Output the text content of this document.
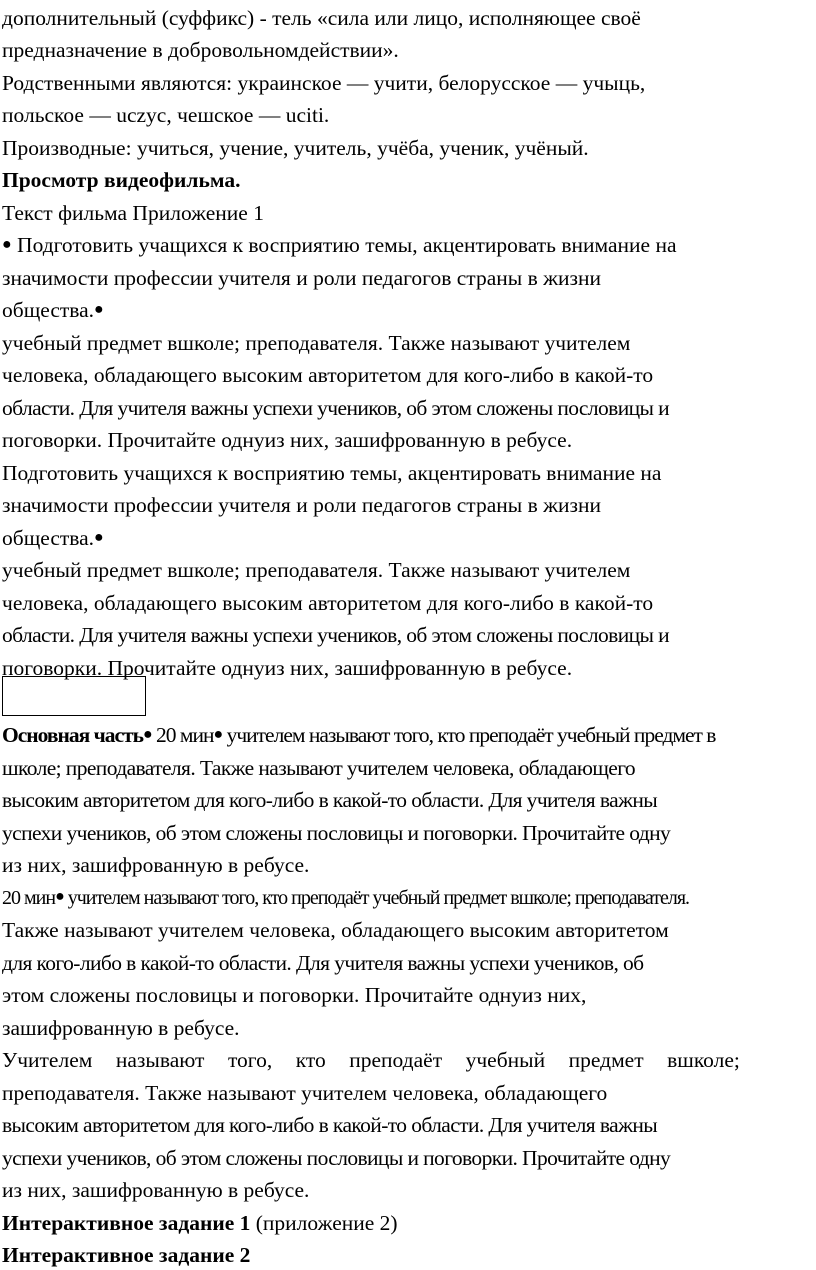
дополнительный (суффикс) - тель «сила или лицо, исполняющее своё
предназначение в добровольномдействии».
Родственными являются: украинское — учити, белорусское — учыць,
польское — uczyc, чешское — uciti.
Производные: учиться, учение, учитель, учёба, ученик, учёный.
Просмотр видеофильма.
Текст фильма Приложение 1
● Подготовить учащихся к восприятию темы, акцентировать внимание на
значимости профессии учителя и роли педагогов страны в жизни
общества.●
учебный предмет вшколе; преподавателя. Также называют учителем
человека, обладающего высоким авторитетом для кого-либо в какой-то
области. Для учителя важны успехи учеников, об этом сложены пословицы и
поговорки. Прочитайте однуиз них, зашифрованную в ребусе.
Подготовить учащихся к восприятию темы, акцентировать внимание на
значимости профессии учителя и роли педагогов страны в жизни
общества.●
учебный предмет вшколе; преподавателя. Также называют учителем
человека, обладающего высоким авторитетом для кого-либо в какой-то
области. Для учителя важны успехи учеников, об этом сложены пословицы и
поговорки. Прочитайте однуиз них, зашифрованную в ребусе.
Основная часть● 20 мин● учителем называют того, кто преподаёт учебный предмет в
школе; преподавателя. Также называют учителем человека, обладающего
высоким авторитетом для кого-либо в какой-то области. Для учителя важны
успехи учеников, об этом сложены пословицы и поговорки. Прочитайте одну
из них, зашифрованную в ребусе.
20 мин● учителем называют того, кто преподаёт учебный предмет вшколе; преподавателя.
Также называют учителем человека, обладающего высоким авторитетом
для кого-либо в какой-то области. Для учителя важны успехи учеников, об
этом сложены пословицы и поговорки. Прочитайте однуиз них,
зашифрованную в ребусе.
Учителем называют того, кто преподаёт учебный предмет вшколе;
преподавателя. Также называют учителем человека, обладающего
высоким авторитетом для кого-либо в какой-то области. Для учителя важны
успехи учеников, об этом сложены пословицы и поговорки. Прочитайте одну
из них, зашифрованную в ребусе.
Интерактивное задание 1 (приложение 2)
Интерактивное задание 2
